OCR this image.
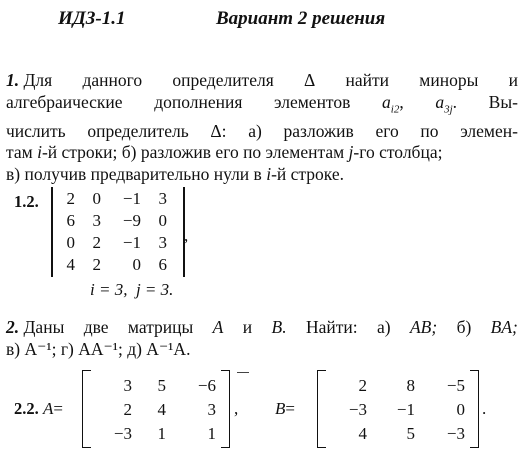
ИДЗ-1.1	Вариант 2 решения
1. Для данного определителя Δ найти миноры и
алгебраические дополнения элементов $a_{i2}$, $a_{3j}$. Вы-
числить определитель Δ: а) разложив его по элемен-
там
i -й строки; б) разложив его по элементам
j -го столбца;
в) получив предварительно нули в
i -й строке.
1.2. 2	0	−1	3
6	3	−9	0
0	2	−1	3
4	2	0	6
,
i = 3,  j = 3.
2. Даны две матрицы A и B. Найти: а) AB; б) BA;
в) A⁻¹; г) AA⁻¹; д) A⁻¹A.
2.2. A=
3	5	−6
2	4	3
−3	1	1
, B=
2	8	−5
−3	−1	0
4	5	−3
.
